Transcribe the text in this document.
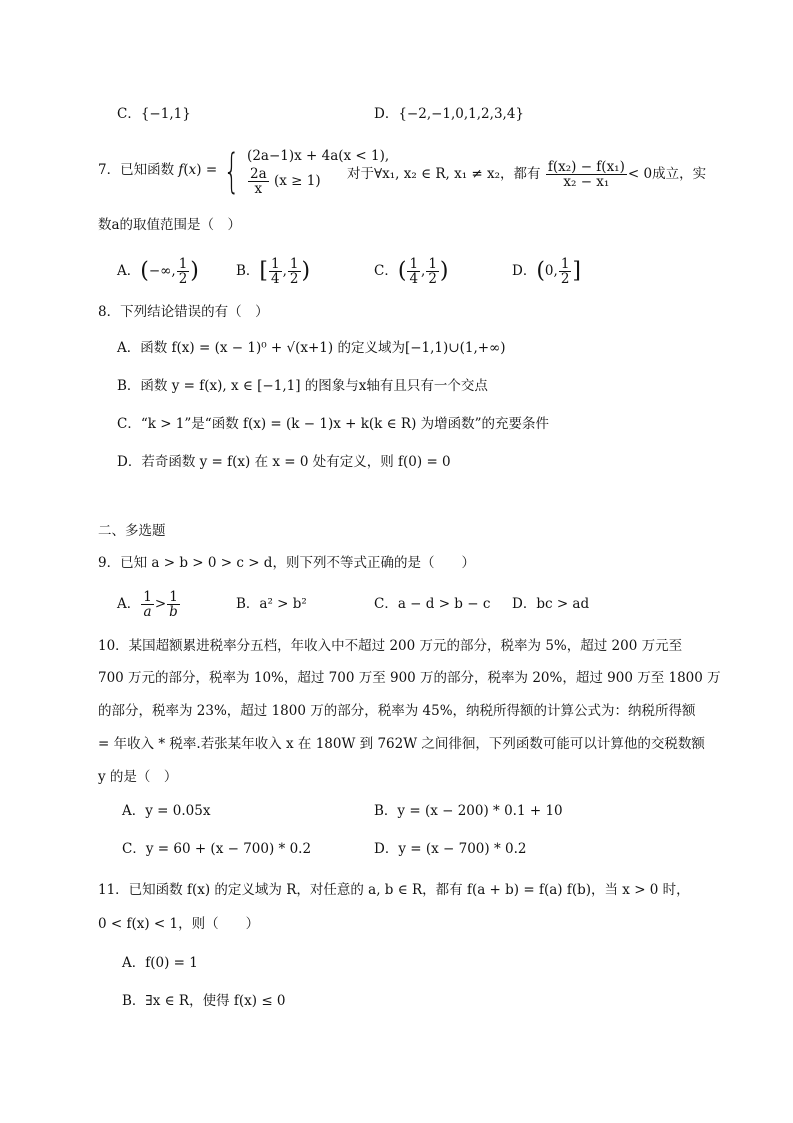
C．{−1,1}	D．{−2,−1,0,1,2,3,4}
7．已知函数 f(x) = { (2a−1)x + 4a(x < 1),
$\frac{2a}{x} (x \ge 1)$	对于∀x₁, x₂ ∈ R, x₁ ≠ x₂，都有 $\frac{\text{f(x₂) − f(x₁)}}{\text{x₂ − x₁}} < 0$成立，实
数a的取值范围是（　）
A．(−∞, $\frac{1}{2}$ )	B．[ $\frac{1}{4}$ , $\frac{1}{2}$ )	C．( $\frac{1}{4}$ , $\frac{1}{2}$ )	D．(0, $\frac{1}{2}$ ]
8．下列结论错误的有（　）
A．函数 f(x) = (x − 1)⁰ + √(x+1) 的定义域为[−1,1)∪(1,+∞)
B．函数 y = f(x), x ∈ [−1,1] 的图象与x轴有且只有一个交点
C．“k > 1”是“函数 f(x) = (k − 1)x + k(k ∈ R) 为增函数”的充要条件
D．若奇函数 y = f(x) 在 x = 0 处有定义，则 f(0) = 0
二、多选题
9．已知 a > b > 0 > c > d，则下列不等式正确的是（　　）
A． $\frac{1}{a} > \frac{1}{b}$	B．a² > b²	C．a − d > b − c D．bc > ad
10．某国超额累进税率分五档，年收入中不超过 200 万元的部分，税率为 5%，超过 200 万元至
700 万元的部分，税率为 10%，超过 700 万至 900 万的部分，税率为 20%，超过 900 万至 1800 万
的部分，税率为 23%，超过 1800 万的部分，税率为 45%，纳税所得额的计算公式为：纳税所得额
= 年收入 * 税率.若张某年收入 x 在 180W 到 762W 之间徘徊，下列函数可能可以计算他的交税数额
y 的是（　）
A．y = 0.05x	B．y = (x − 200) * 0.1 + 10
C．y = 60 + (x − 700) * 0.2	D．y = (x − 700) * 0.2
11．已知函数 f(x) 的定义域为 R，对任意的 a, b ∈ R，都有 f(a + b) = f(a) f(b)，当 x > 0 时，
0 < f(x) < 1，则（　　）
A．f(0) = 1
B．∃x ∈ R，使得 f(x) ≤ 0
